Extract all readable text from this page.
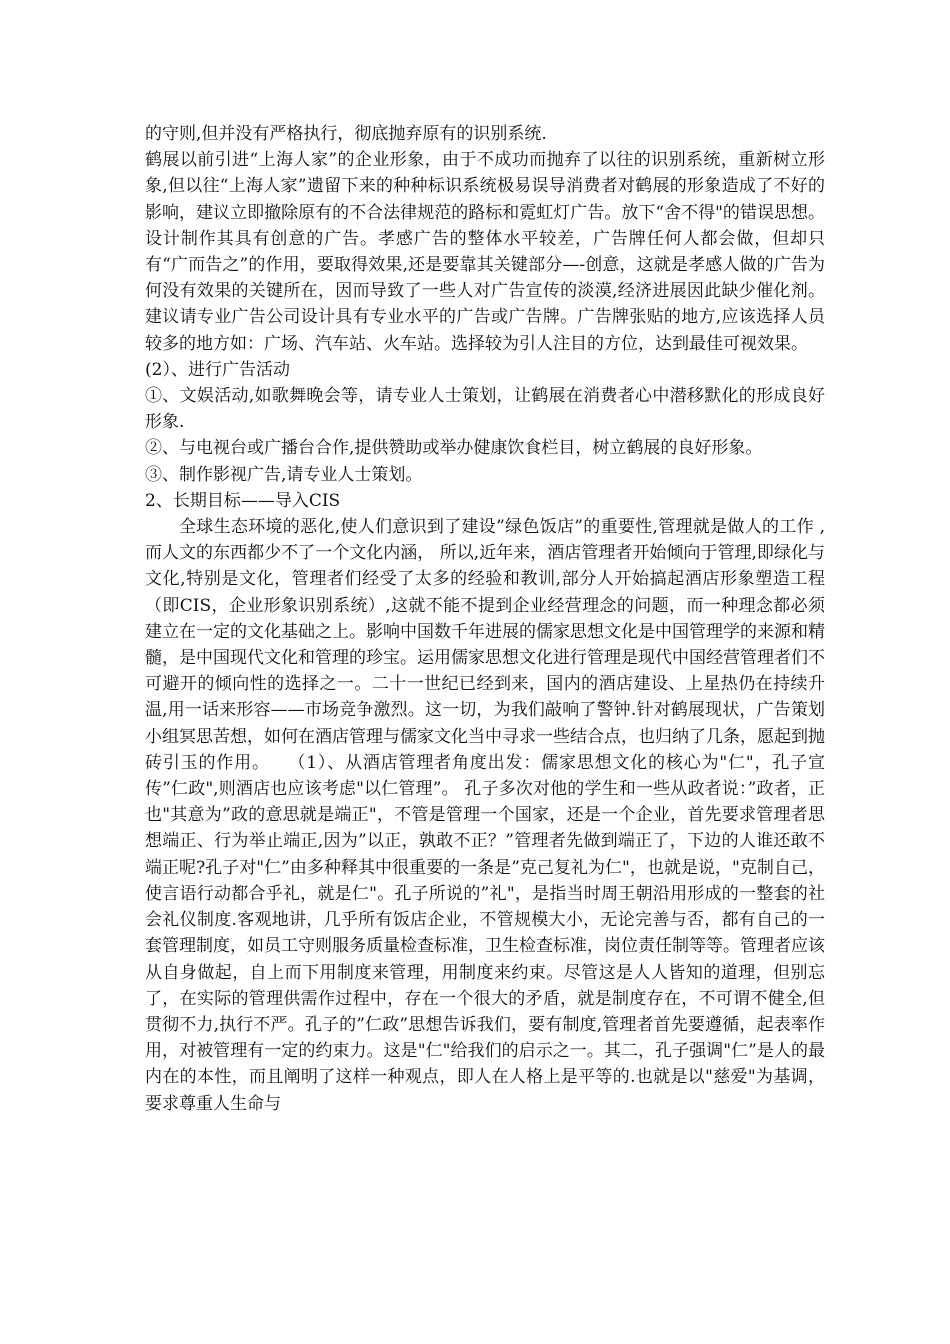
的守则,但并没有严格执行，彻底抛弃原有的识别系统.

鹤展以前引进“上海人家”的企业形象，由于不成功而抛弃了以往的识别系统，重新树立形象,但以往“上海人家”遗留下来的种种标识系统极易误导消费者对鹤展的形象造成了不好的影响，建议立即撤除原有的不合法律规范的路标和霓虹灯广告。放下“舍不得"的错误思想。设计制作其具有创意的广告。孝感广告的整体水平较差，广告牌任何人都会做，但却只有“广而告之”的作用，要取得效果,还是要靠其关键部分—-创意，这就是孝感人做的广告为何没有效果的关键所在，因而导致了一些人对广告宣传的淡漠,经济进展因此缺少催化剂。建议请专业广告公司设计具有专业水平的广告或广告牌。广告牌张贴的地方,应该选择人员较多的地方如：广场、汽车站、火车站。选择较为引人注目的方位，达到最佳可视效果。

(2）、进行广告活动

①、文娱活动,如歌舞晚会等，请专业人士策划，让鹤展在消费者心中潜移默化的形成良好形象.

②、与电视台或广播台合作,提供赞助或举办健康饮食栏目，树立鹤展的良好形象。

③、制作影视广告,请专业人士策划。

2、长期目标——导入CIS

全球生态环境的恶化,使人们意识到了建设”绿色饭店”的重要性,管理就是做人的工作 ,而人文的东西都少不了一个文化内涵， 所以,近年来，酒店管理者开始倾向于管理,即绿化与文化,特别是文化，管理者们经受了太多的经验和教训,部分人开始搞起酒店形象塑造工程（即CIS，企业形象识别系统）,这就不能不提到企业经营理念的问题，而一种理念都必须建立在一定的文化基础之上。影响中国数千年进展的儒家思想文化是中国管理学的来源和精髓，是中国现代文化和管理的珍宝。运用儒家思想文化进行管理是现代中国经营管理者们不可避开的倾向性的选择之一。二十一世纪已经到来，国内的酒店建设、上星热仍在持续升温,用一话来形容——市场竞争激烈。这一切，为我们敲响了警钟.针对鹤展现状，广告策划小组冥思苦想，如何在酒店管理与儒家文化当中寻求一些结合点，也归纳了几条，愿起到抛砖引玉的作用。　　（1）、从酒店管理者角度出发：儒家思想文化的核心为"仁"，孔子宣传”仁政",则酒店也应该考虑"以仁管理”。 孔子多次对他的学生和一些从政者说：”政者，正也"其意为”政的意思就是端正"，不管是管理一个国家，还是一个企业，首先要求管理者思想端正、行为举止端正,因为”以正，孰敢不正？”管理者先做到端正了，下边的人谁还敢不端正呢?孔子对"仁”由多种释其中很重要的一条是”克己复礼为仁"，也就是说，"克制自己，使言语行动都合乎礼，就是仁"。孔子所说的”礼"，是指当时周王朝沿用形成的一整套的社会礼仪制度.客观地讲，几乎所有饭店企业，不管规模大小，无论完善与否，都有自己的一套管理制度，如员工守则服务质量检查标准，卫生检查标准，岗位责任制等等。管理者应该从自身做起，自上而下用制度来管理，用制度来约束。尽管这是人人皆知的道理，但别忘了，在实际的管理供需作过程中，存在一个很大的矛盾，就是制度存在，不可谓不健全,但贯彻不力,执行不严。孔子的”仁政”思想告诉我们，要有制度,管理者首先要遵循，起表率作用，对被管理有一定的约束力。这是"仁"给我们的启示之一。其二，孔子强调"仁”是人的最内在的本性，而且阐明了这样一种观点，即人在人格上是平等的.也就是以"慈爱"为基调，要求尊重人生命与
